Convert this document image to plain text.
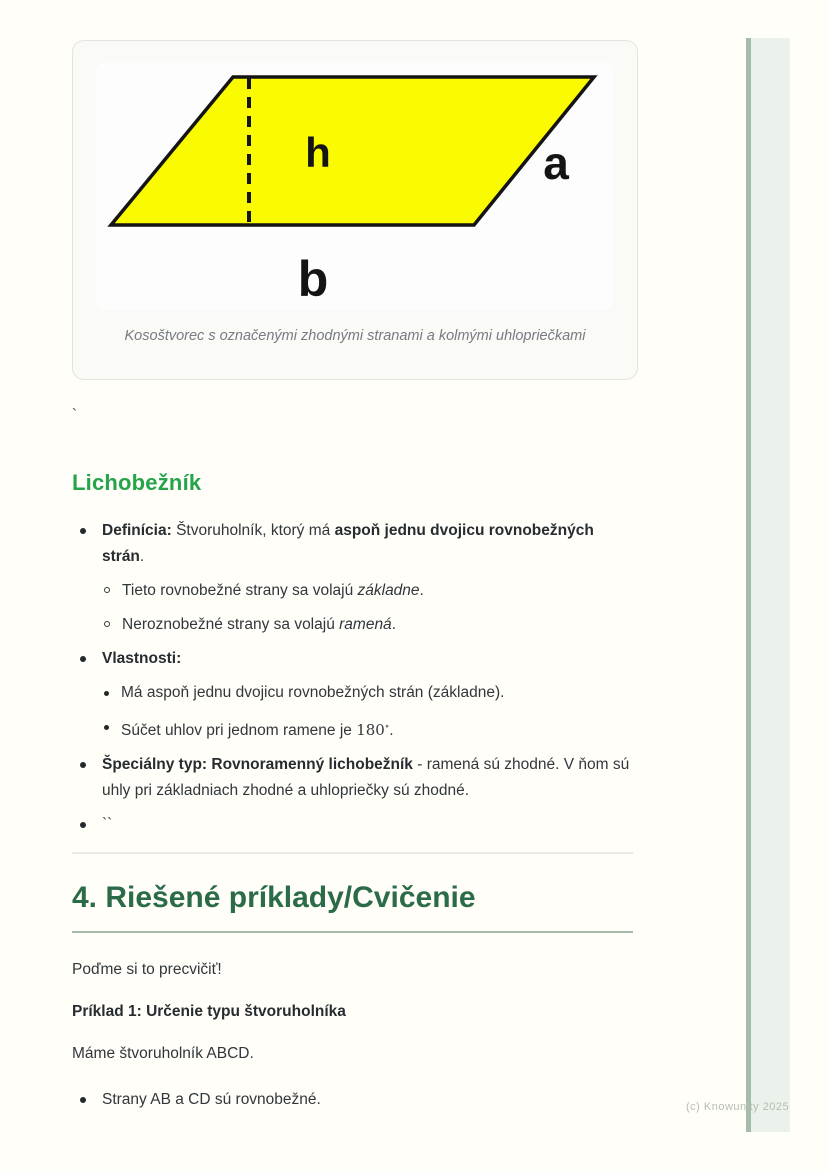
h	a
b
Kosoštvorec s označenými zhodnými stranami a kolmými uhlopriečkami
`
Lichobežník
Definícia: Štvoruholník, ktorý má aspoň jednu dvojicu rovnobežných strán.
Tieto rovnobežné strany sa volajú základne.
Neroznobežné strany sa volajú ramená.
Vlastnosti:
Má aspoň jednu dvojicu rovnobežných strán (základne).
Súčet uhlov pri jednom ramene je 180∘.
Špeciálny typ: Rovnoramenný lichobežník - ramená sú zhodné. V ňom sú uhly pri základniach zhodné a uhlopriečky sú zhodné.
``
4. Riešené príklady/Cvičenie

Poďme si to precvičiť!

Príklad 1: Určenie typu štvoruholníka

Máme štvoruholník ABCD.

Strany AB a CD sú rovnobežné.	(c) Knowunity 2025
